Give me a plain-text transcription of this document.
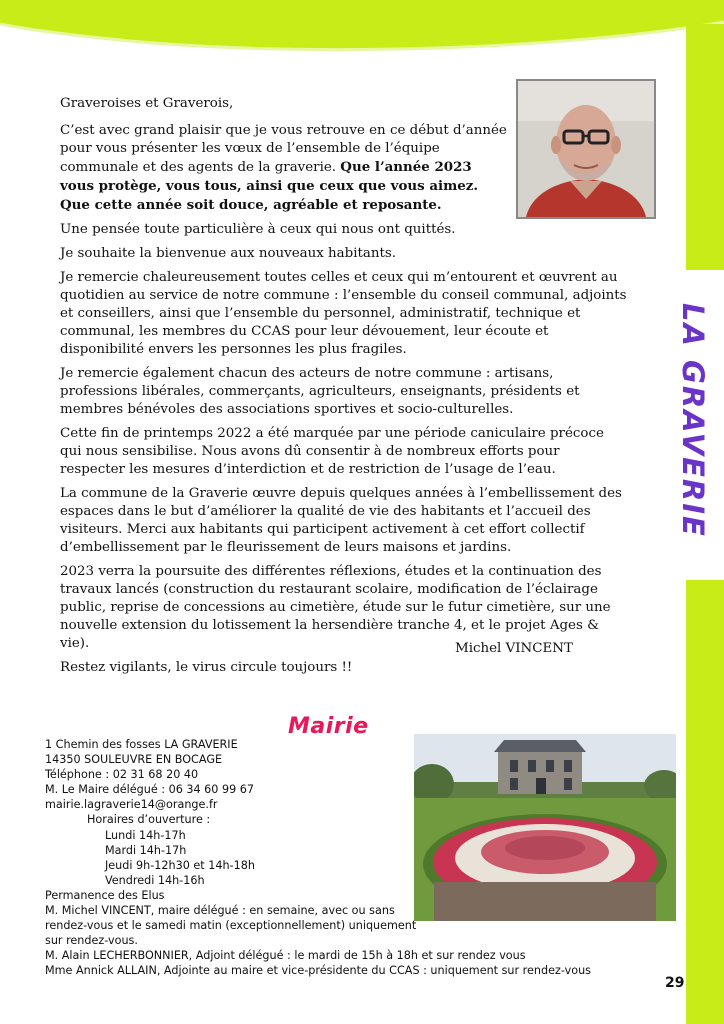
LA GRAVERIE

Graveroises et Graverois,

C’est avec grand plaisir que je vous retrouve en ce début d’année pour vous présenter les vœux de l’ensemble de l’équipe communale et des agents de la graverie. Que l’année 2023 vous protège, vous tous, ainsi que ceux que vous aimez. Que cette année soit douce, agréable et reposante.

Une pensée toute particulière à ceux qui nous ont quittés.

Je souhaite la bienvenue aux nouveaux habitants.

Je remercie chaleureusement toutes celles et ceux qui m’entourent et œuvrent au quotidien au service de notre commune : l’ensemble du conseil communal, adjoints et conseillers, ainsi que l’ensemble du personnel, administratif, technique et communal, les membres du CCAS pour leur dévouement, leur écoute et disponibilité envers les personnes les plus fragiles.

Je remercie également chacun des acteurs de notre commune : artisans, professions libérales, commerçants, agriculteurs, enseignants, présidents et membres bénévoles des associations sportives et socio-culturelles.

Cette fin de printemps 2022 a été marquée par une période caniculaire précoce qui nous sensibilise. Nous avons dû consentir à de nombreux efforts pour respecter les mesures d’interdiction et de restriction de l’usage de l’eau.

La commune de la Graverie œuvre depuis quelques années à l’embellissement des espaces dans le but d’améliorer la qualité de vie des habitants et l’accueil des visiteurs. Merci aux habitants qui participent activement à cet effort collectif d’embellissement par le fleurissement de leurs maisons et jardins.

2023 verra la poursuite des différentes réflexions, études et la continuation des travaux lancés (construction du restaurant scolaire, modification de l’éclairage public, reprise de concessions au cimetière, étude sur le futur cimetière, sur une nouvelle extension du lotissement la hersendière tranche 4, et le projet Ages & vie).

Restez vigilants, le virus circule toujours !!

Michel VINCENT
Mairie
1 Chemin des fosses LA GRAVERIE
14350 SOULEUVRE EN BOCAGE
Téléphone : 02 31 68 20 40
M. Le Maire délégué : 06 34 60 99 67
mairie.lagraverie14@orange.fr
Horaires d’ouverture :
Lundi 14h-17h
Mardi 14h-17h
Jeudi 9h-12h30 et 14h-18h
Vendredi 14h-16h
Permanence des Elus
M. Michel VINCENT, maire délégué : en semaine, avec ou sans
rendez-vous et le samedi matin (exceptionnellement) uniquement
sur rendez-vous.
M. Alain LECHERBONNIER, Adjoint délégué : le mardi de 15h à 18h et sur rendez vous
Mme Annick ALLAIN, Adjointe au maire et vice-présidente du CCAS : uniquement sur rendez-vous
29
